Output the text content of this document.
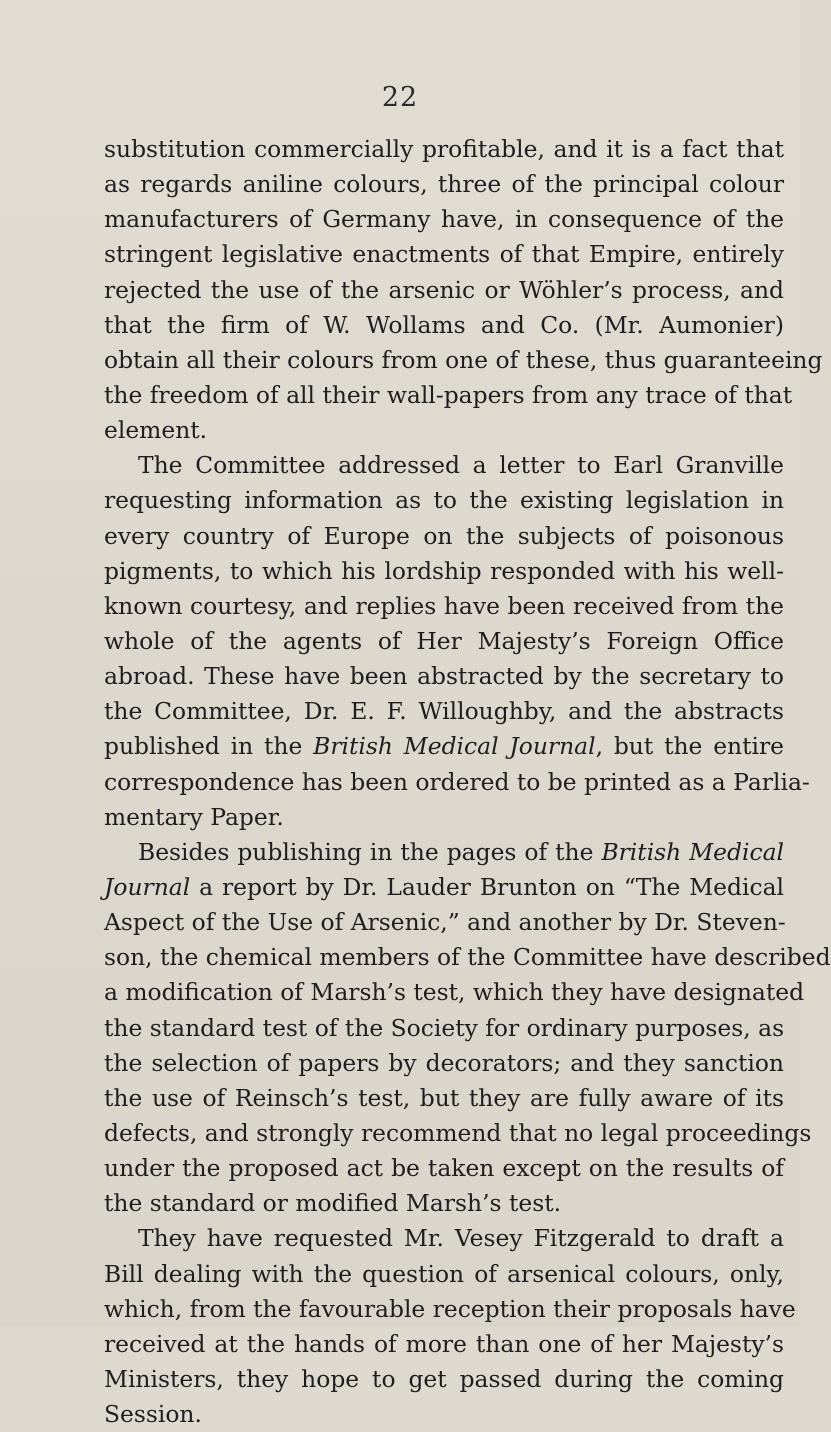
22
substitution commercially profitable, and it is a fact that
as regards aniline colours, three of the principal colour
manufacturers of Germany have, in consequence of the
stringent legislative enactments of that Empire, entirely
rejected the use of the arsenic or Wöhler’s process, and
that the firm of W. Wollams and Co. (Mr. Aumonier)
obtain all their colours from one of these, thus guaranteeing
the freedom of all their wall-papers from any trace of that
element.
The Committee addressed a letter to Earl Granville
requesting information as to the existing legislation in
every country of Europe on the subjects of poisonous
pigments, to which his lordship responded with his well-
known courtesy, and replies have been received from the
whole of the agents of Her Majesty’s Foreign Office
abroad. These have been abstracted by the secretary to
the Committee, Dr. E. F. Willoughby, and the abstracts
published in the British Medical Journal, but the entire
correspondence has been ordered to be printed as a Parlia-
mentary Paper.
Besides publishing in the pages of the British Medical
Journal a report by Dr. Lauder Brunton on “The Medical
Aspect of the Use of Arsenic,” and another by Dr. Steven-
son, the chemical members of the Committee have described
a modification of Marsh’s test, which they have designated
the standard test of the Society for ordinary purposes, as
the selection of papers by decorators; and they sanction
the use of Reinsch’s test, but they are fully aware of its
defects, and strongly recommend that no legal proceedings
under the proposed act be taken except on the results of
the standard or modified Marsh’s test.
They have requested Mr. Vesey Fitzgerald to draft a
Bill dealing with the question of arsenical colours, only,
which, from the favourable reception their proposals have
received at the hands of more than one of her Majesty’s
Ministers, they hope to get passed during the coming
Session.
